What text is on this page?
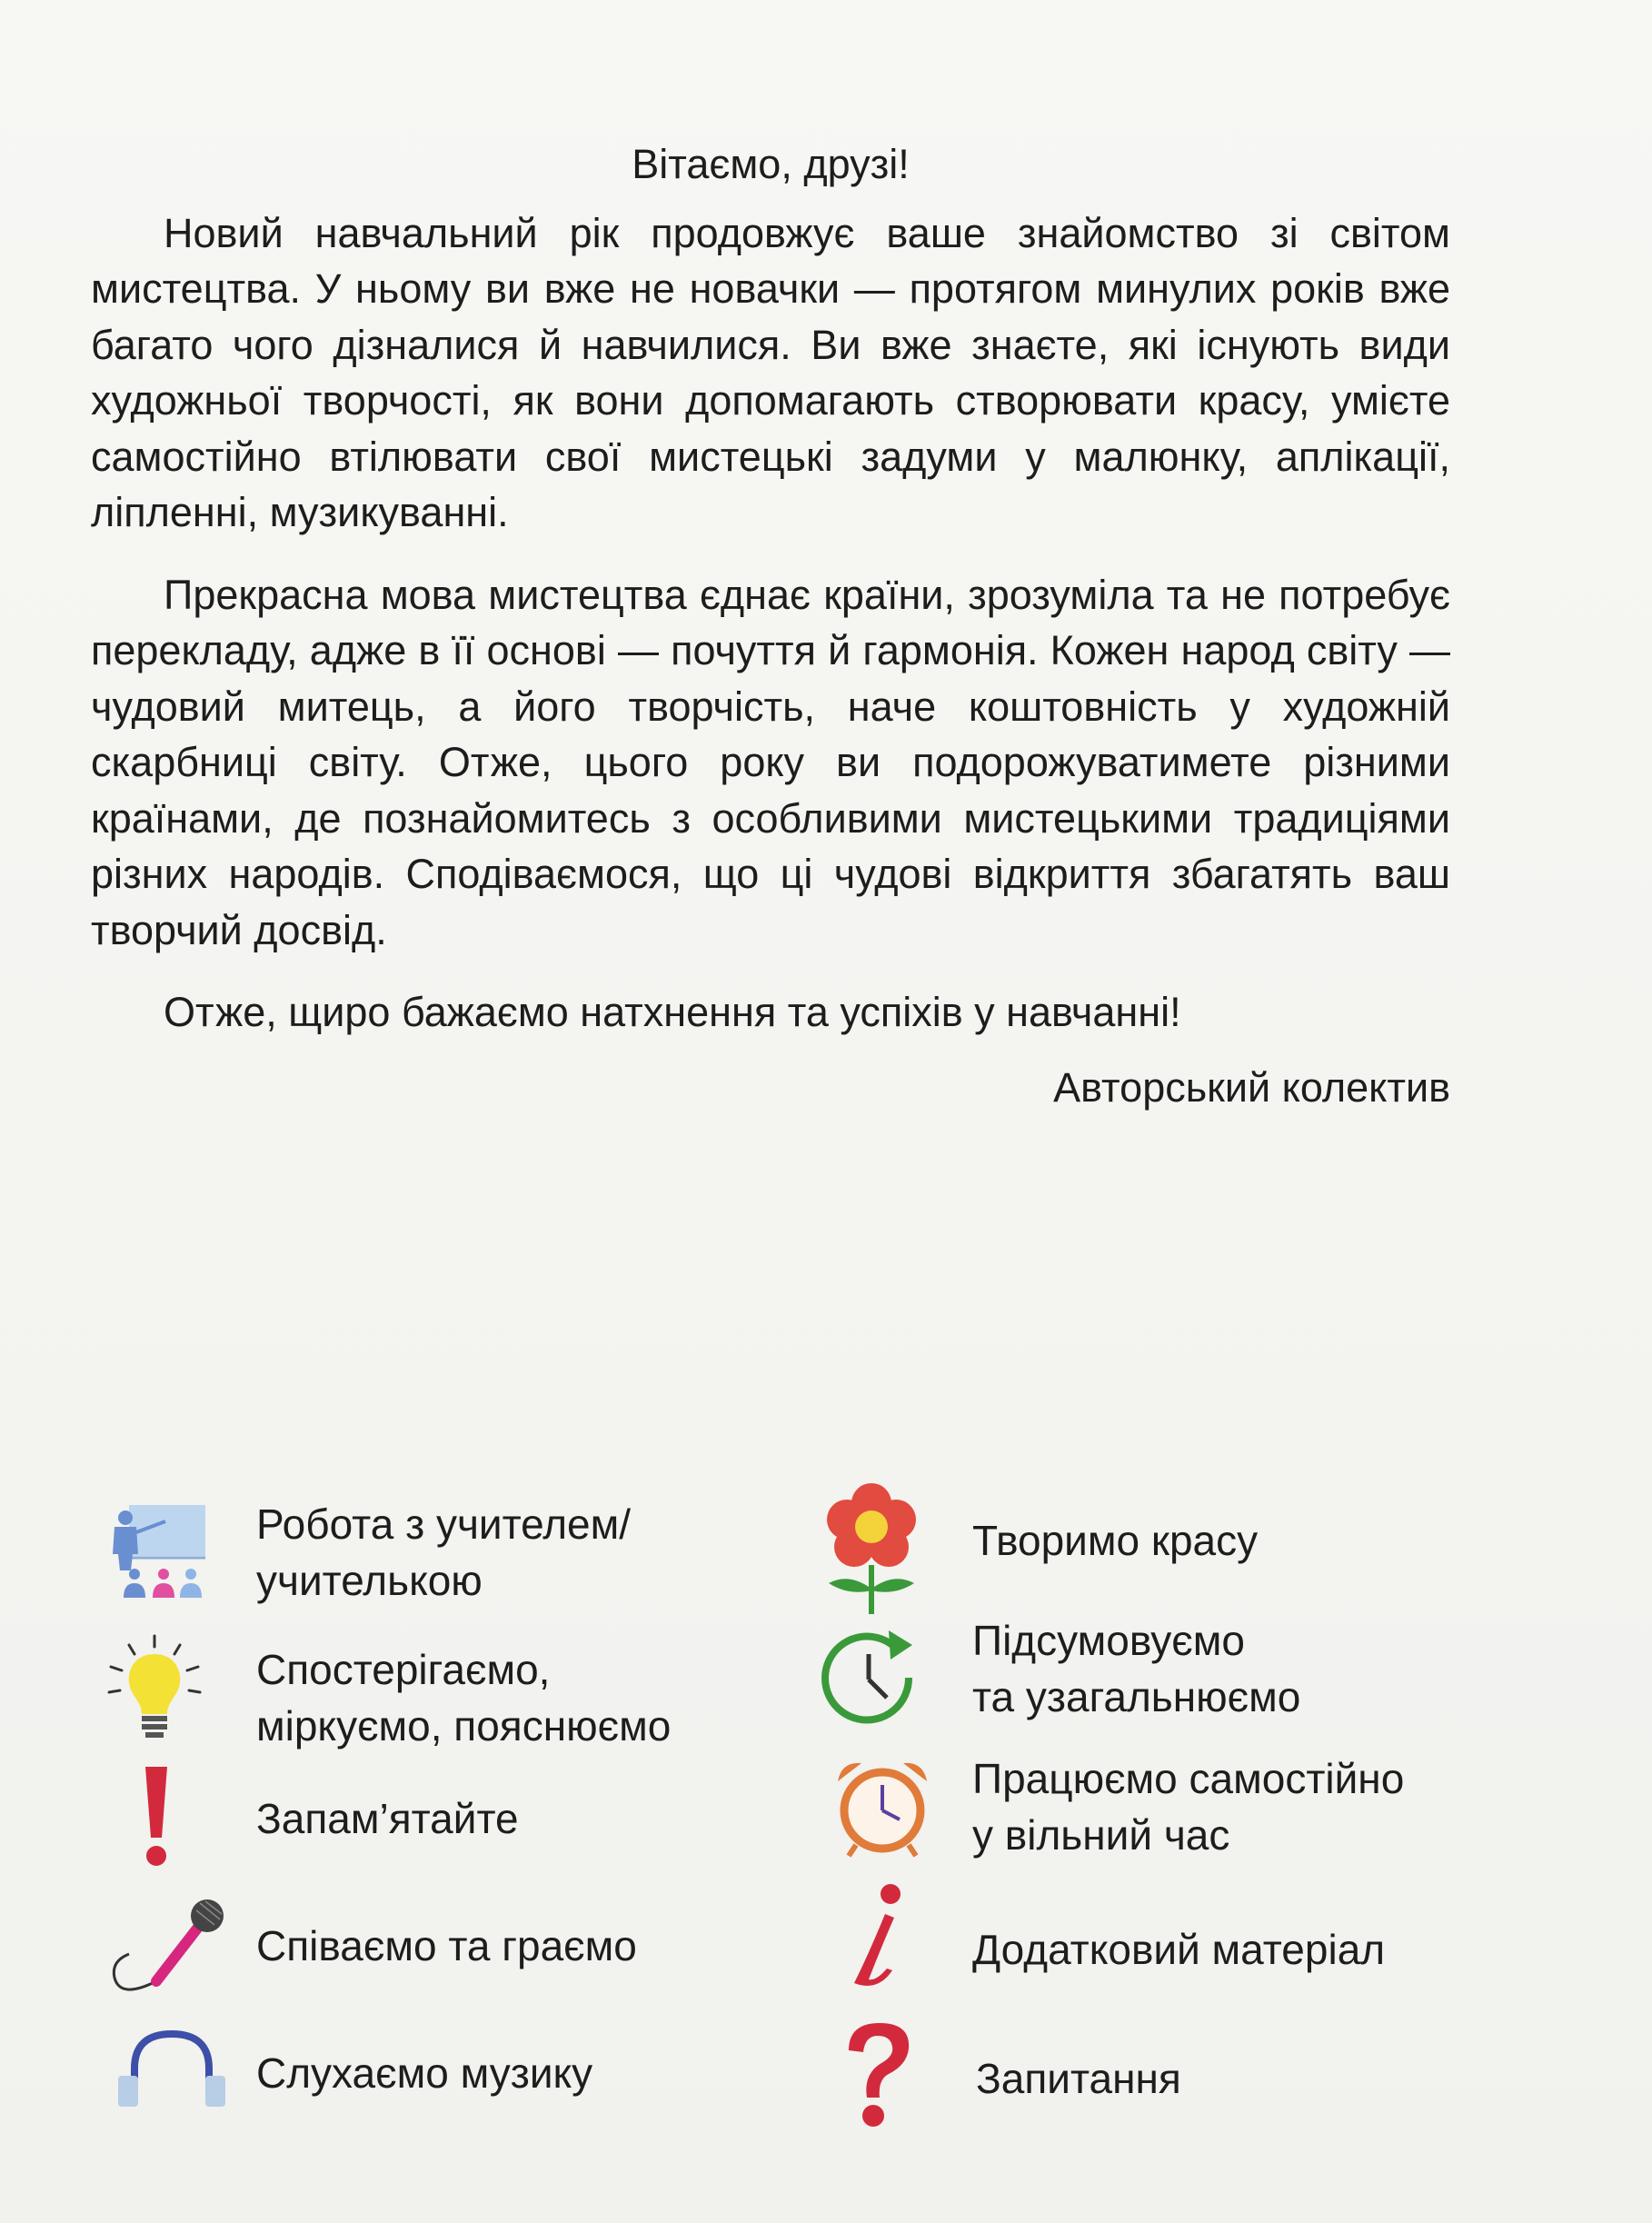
Вітаємо, друзі!

Новий навчальний рік продовжує ваше знайомство зі світом мистецтва. У ньому ви вже не новачки — протягом минулих років вже багато чого дізналися й навчилися. Ви вже знаєте, які існують види художньої творчості, як вони допомагають створювати красу, умієте самостійно втілювати свої мистецькі задуми у малюнку, аплікації, ліпленні, музикуванні.

Прекрасна мова мистецтва єднає країни, зрозуміла та не потребує перекладу, адже в її основі — почуття й гармонія. Кожен народ світу — чудовий митець, а його творчість, наче коштовність у художній скарбниці світу. Отже, цього року ви подорожуватимете різними країнами, де познайомитесь з особливими мистецькими традиціями різних народів. Сподіваємося, що ці чудові відкриття збагатять ваш творчий досвід.

Отже, щиро бажаємо натхнення та успіхів у навчанні!

Авторський колектив

Робота з учителем/
учителькою
Спостерігаємо,
міркуємо, пояснюємо
Запам’ятайте
Співаємо та граємо
Слухаємо музику
Творимо красу
Підсумовуємо
та узагальнюємо
Працюємо самостійно
у вільний час
Додатковий матеріал
Запитання
